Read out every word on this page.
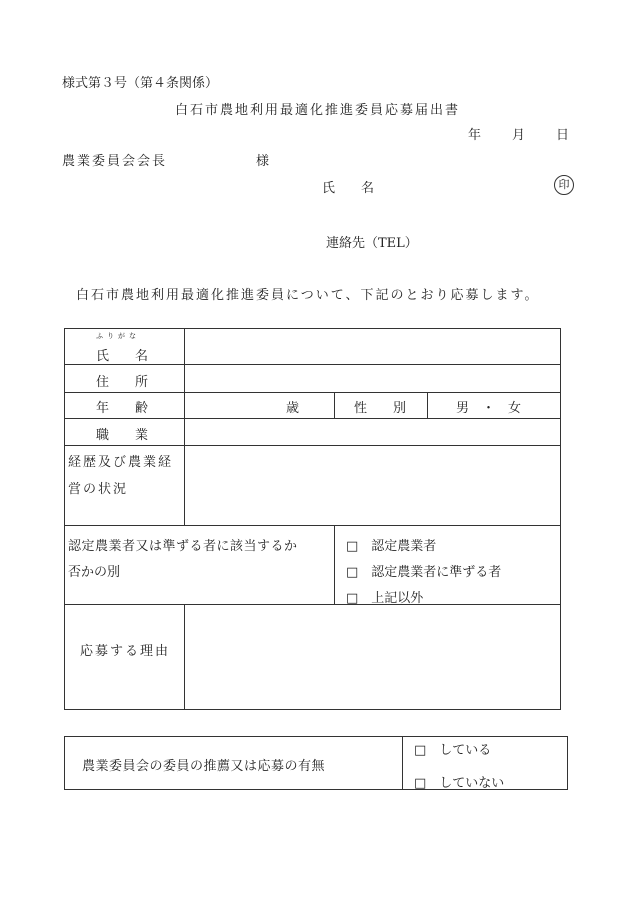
様式第３号（第４条関係）
白石市農地利用最適化推進委員応募届出書
年 月 日
農業委員会会長	様
氏　　名	印
連絡先（TEL）
白石市農地利用最適化推進委員について、下記のとおり応募します。
ふりがな
氏　　名
住　　所
年　　齢	歳	性　　別	男　・　女
職　　業
経歴及び農業経
営の状況
認定農業者又は準ずる者に該当するか
否かの別
□　認定農業者
□　認定農業者に準ずる者
□　上記以外
応募する理由
農業委員会の委員の推薦又は応募の有無
□　している
□　していない
